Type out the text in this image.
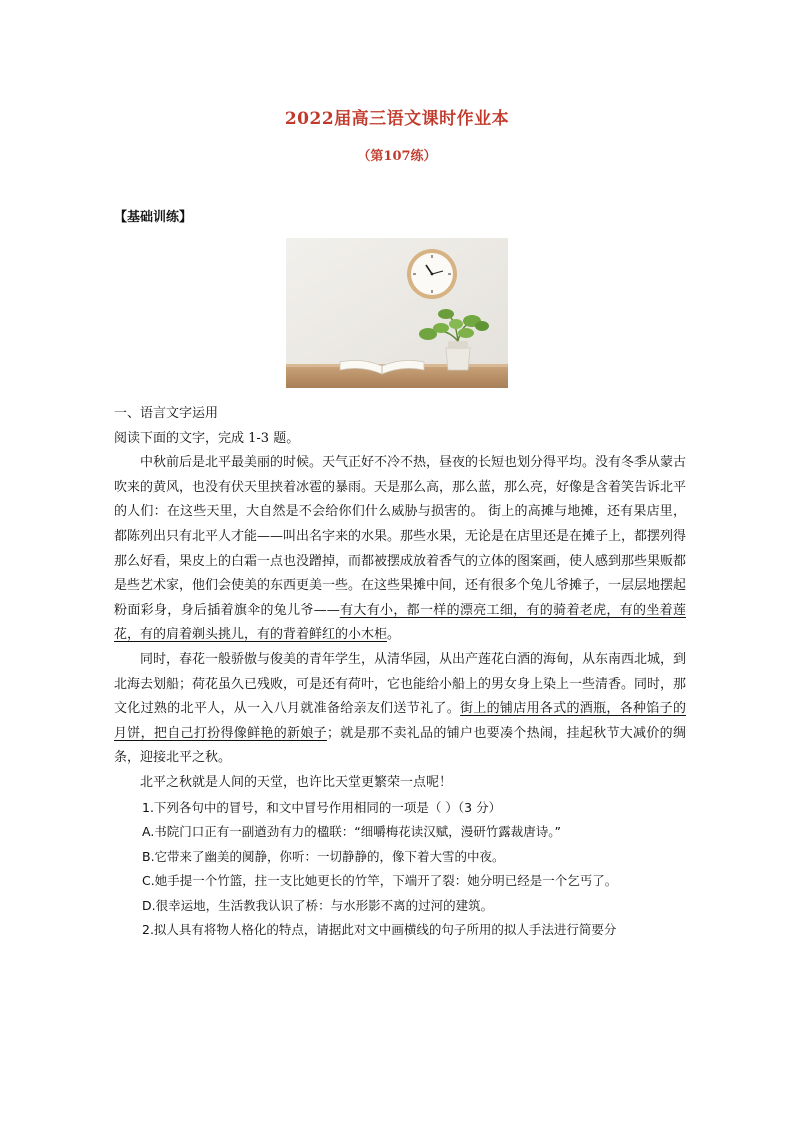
2022届高三语文课时作业本
（第107练）
【基础训练】

一、语言文字运用

阅读下面的文字，完成 1-3 题。

中秋前后是北平最美丽的时候。天气正好不冷不热，昼夜的长短也划分得平均。没有冬季从蒙古吹来的黄风，也没有伏天里挟着冰雹的暴雨。天是那么高，那么蓝，那么亮，好像是含着笑告诉北平的人们：在这些天里，大自然是不会给你们什么威胁与损害的。 街上的高摊与地摊，还有果店里，都陈列出只有北平人才能——叫出名字来的水果。那些水果，无论是在店里还是在摊子上，都摆列得那么好看，果皮上的白霜一点也没蹭掉，而都被摆成放着香气的立体的图案画，使人感到那些果贩都是些艺术家，他们会使美的东西更美一些。在这些果摊中间，还有很多个兔儿爷摊子，一层层地摆起粉面彩身，身后插着旗伞的兔儿爷——有大有小，都一样的漂亮工细，有的骑着老虎，有的坐着莲花，有的肩着剃头挑儿，有的背着鲜红的小木柜。

同时，春花一般骄傲与俊美的青年学生，从清华园，从出产莲花白酒的海甸，从东南西北城，到北海去划船；荷花虽久已残败，可是还有荷叶，它也能给小船上的男女身上染上一些清香。同时，那文化过熟的北平人，从一入八月就准备给亲友们送节礼了。街上的铺店用各式的酒瓶，各种馅子的月饼，把自己打扮得像鲜艳的新娘子；就是那不卖礼品的铺户也要凑个热闹，挂起秋节大减价的绸条，迎接北平之秋。

北平之秋就是人间的天堂，也许比天堂更繁荣一点呢！

1.下列各句中的冒号，和文中冒号作用相同的一项是（ ）（3 分）

A.书院门口正有一副遒劲有力的楹联：“细嚼梅花读汉赋，漫研竹露裁唐诗。”

B.它带来了幽美的阒静，你听：一切静静的，像下着大雪的中夜。

C.她手提一个竹篮，拄一支比她更长的竹竿，下端开了裂：她分明已经是一个乞丐了。

D.很幸运地，生活教我认识了桥：与水形影不离的过河的建筑。

2.拟人具有将物人格化的特点，请据此对文中画横线的句子所用的拟人手法进行简要分
